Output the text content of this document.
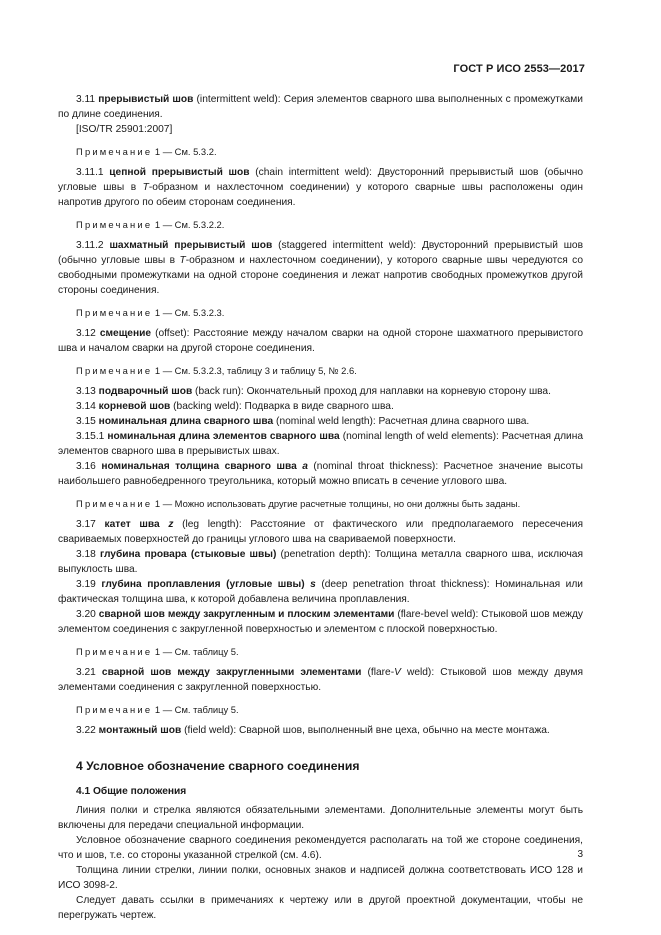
ГОСТ Р ИСО 2553—2017

3.11 прерывистый шов (intermittent weld): Серия элементов сварного шва выполненных с промежутками по длине соединения.

[ISO/TR 25901:2007]

Примечание 1 — См. 5.3.2.

3.11.1 цепной прерывистый шов (chain intermittent weld): Двусторонний прерывистый шов (обычно угловые швы в Т-образном и нахлесточном соединении) у которого сварные швы расположены один напротив другого по обеим сторонам соединения.

Примечание 1 — См. 5.3.2.2.

3.11.2 шахматный прерывистый шов (staggered intermittent weld): Двусторонний прерывистый шов (обычно угловые швы в Т-образном и нахлесточном соединении), у которого сварные швы чередуются со свободными промежутками на одной стороне соединения и лежат напротив свободных промежутков другой стороны соединения.

Примечание 1 — См. 5.3.2.3.

3.12 смещение (offset): Расстояние между началом сварки на одной стороне шахматного прерывистого шва и началом сварки на другой стороне соединения.

Примечание 1 — См. 5.3.2.3, таблицу 3 и таблицу 5, № 2.6.

3.13 подварочный шов (back run): Окончательный проход для наплавки на корневую сторону шва.

3.14 корневой шов (backing weld): Подварка в виде сварного шва.

3.15 номинальная длина сварного шва (nominal weld length): Расчетная длина сварного шва.

3.15.1 номинальная длина элементов сварного шва (nominal length of weld elements): Расчетная длина элементов сварного шва в прерывистых швах.

3.16 номинальная толщина сварного шва a (nominal throat thickness): Расчетное значение высоты наибольшего равнобедренного треугольника, который можно вписать в сечение углового шва.

Примечание 1 — Можно использовать другие расчетные толщины, но они должны быть заданы.

3.17 катет шва z (leg length): Расстояние от фактического или предполагаемого пересечения свариваемых поверхностей до границы углового шва на свариваемой поверхности.

3.18 глубина провара (стыковые швы) (penetration depth): Толщина металла сварного шва, исключая выпуклость шва.

3.19 глубина проплавления (угловые швы) s (deep penetration throat thickness): Номинальная или фактическая толщина шва, к которой добавлена величина проплавления.

3.20 сварной шов между закругленным и плоским элементами (flare-bevel weld): Стыковой шов между элементом соединения с закругленной поверхностью и элементом с плоской поверхностью.

Примечание 1 — См. таблицу 5.

3.21 сварной шов между закругленными элементами (flare-V weld): Стыковой шов между двумя элементами соединения с закругленной поверхностью.

Примечание 1 — См. таблицу 5.

3.22 монтажный шов (field weld): Сварной шов, выполненный вне цеха, обычно на месте монтажа.

4 Условное обозначение сварного соединения

4.1 Общие положения

Линия полки и стрелка являются обязательными элементами. Дополнительные элементы могут быть включены для передачи специальной информации.

Условное обозначение сварного соединения рекомендуется располагать на той же стороне соединения, что и шов, т.е. со стороны указанной стрелкой (см. 4.6).

Толщина линии стрелки, линии полки, основных знаков и надписей должна соответствовать ИСО 128 и ИСО 3098-2.

Следует давать ссылки в примечаниях к чертежу или в другой проектной документации, чтобы не перегружать чертеж.

3
